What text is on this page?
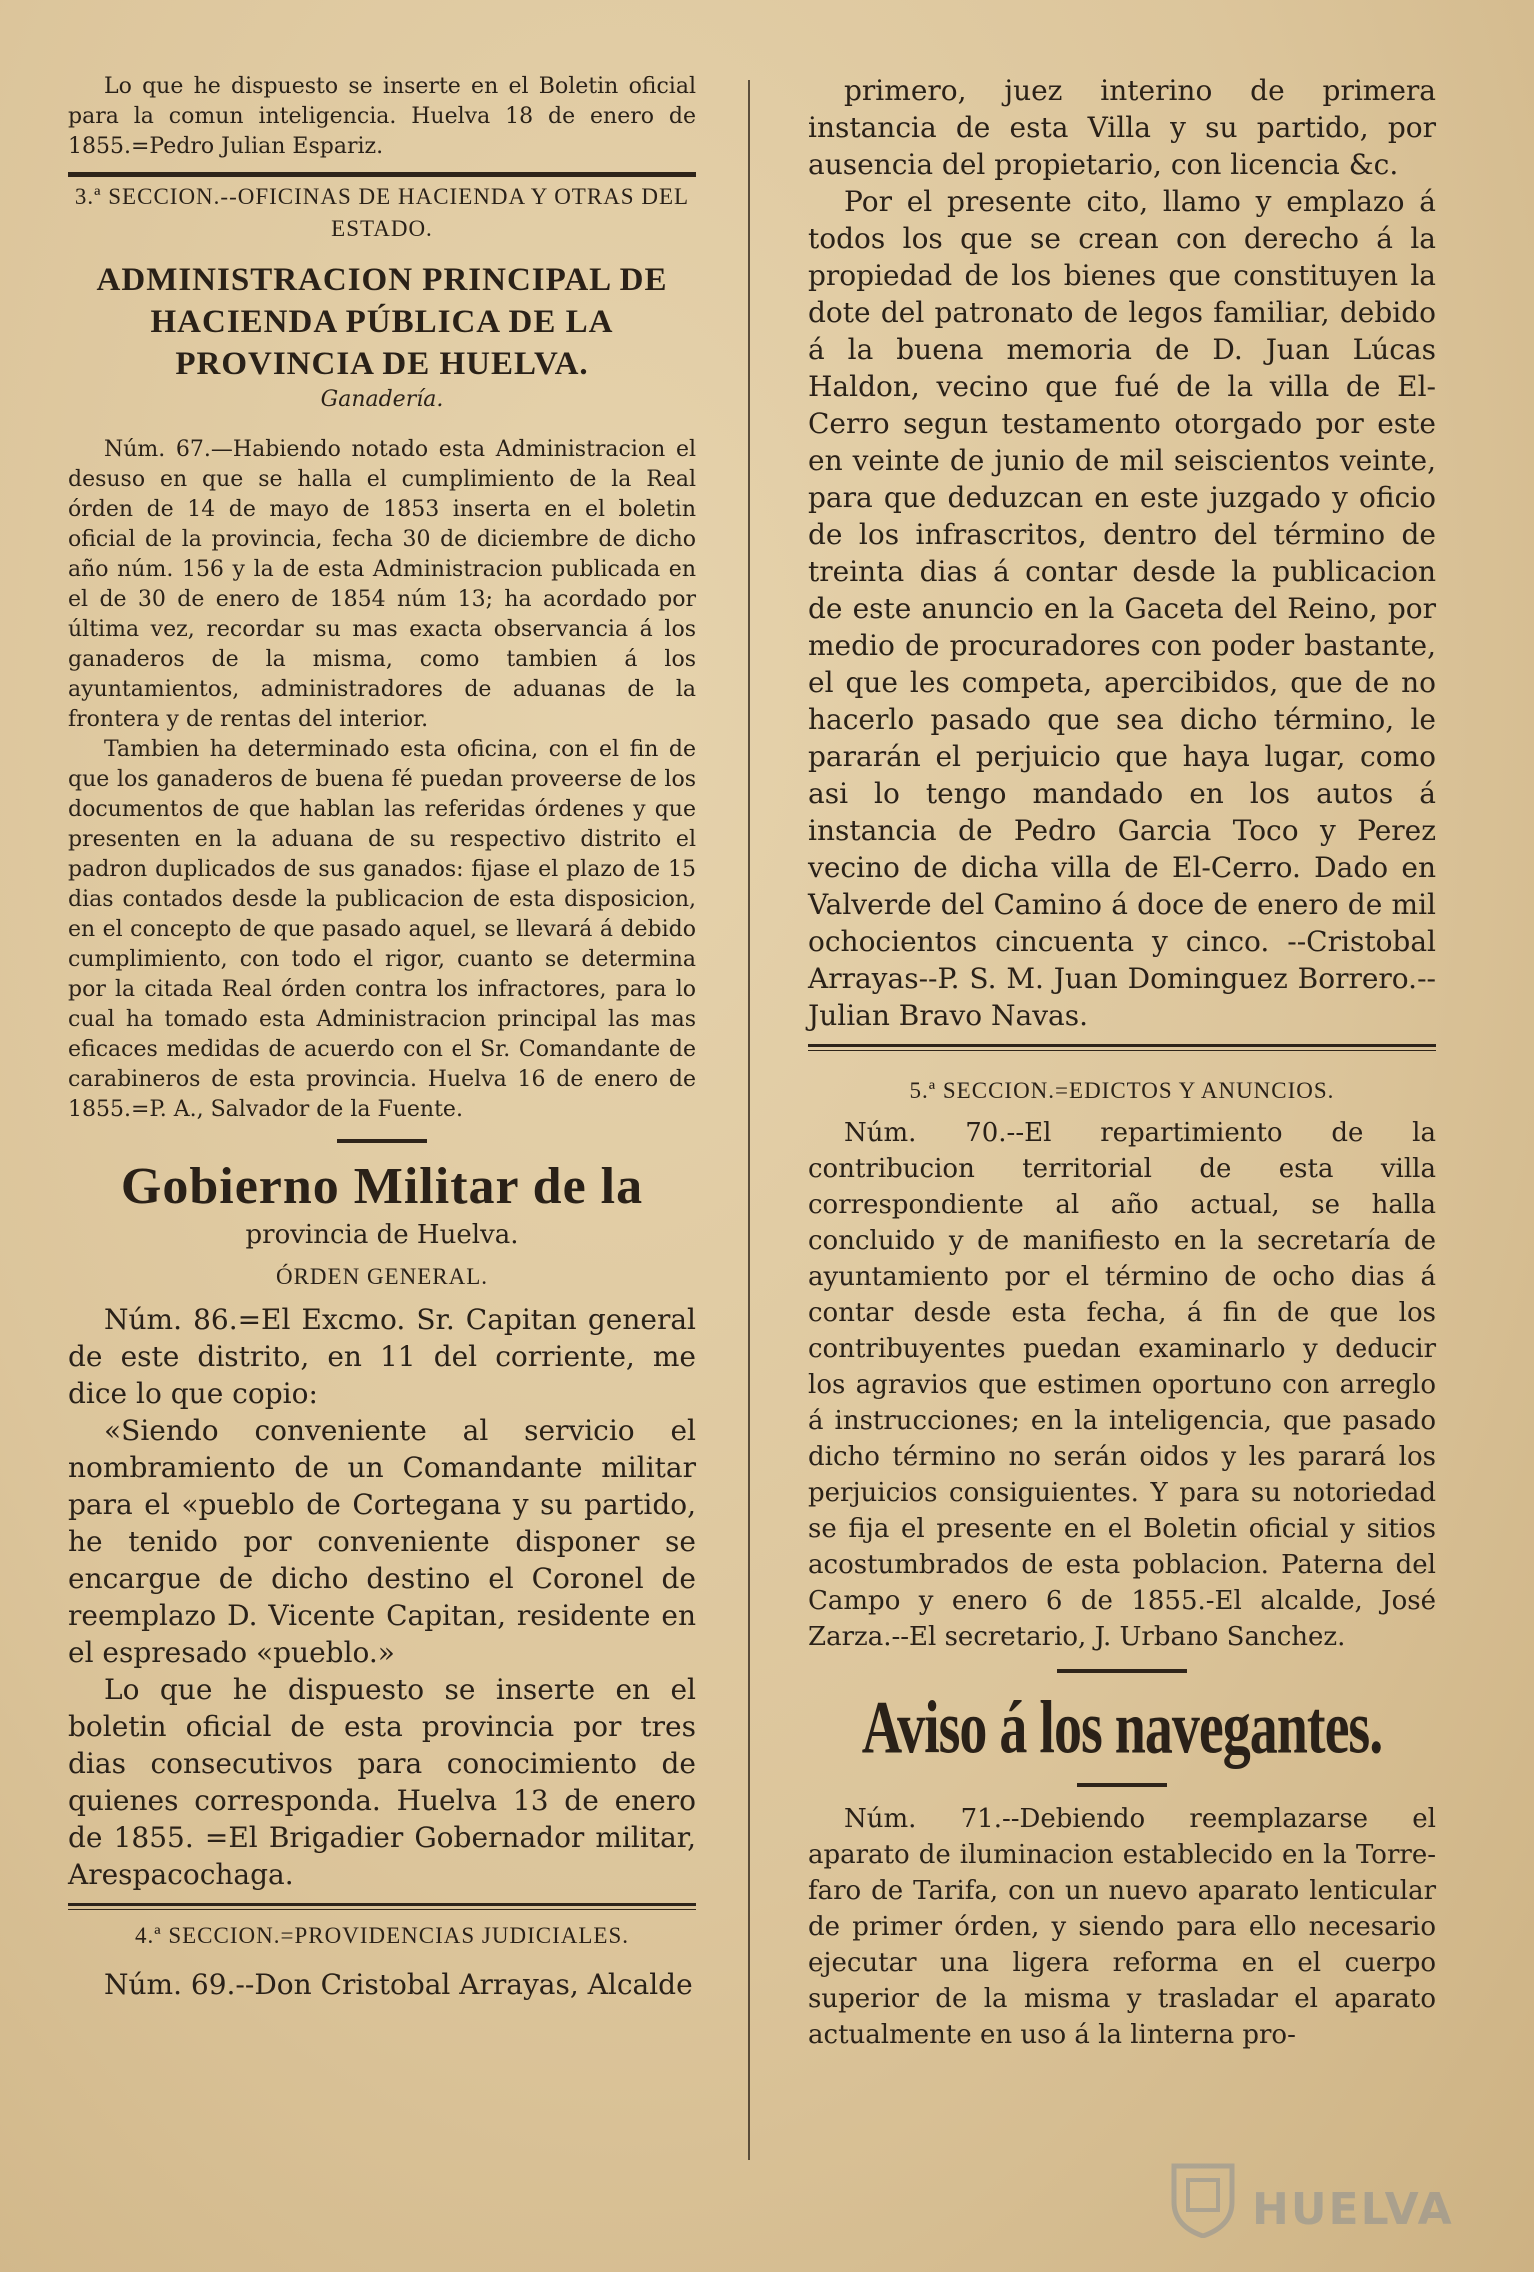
Lo que he dispuesto se inserte en el Boletin oficial para la comun inteligencia. Huelva 18 de enero de 1855.=Pedro Julian Espariz.

3.ª SECCION.--OFICINAS DE HACIENDA Y OTRAS DEL ESTADO.

ADMINISTRACION PRINCIPAL DE HACIENDA PÚBLICA DE LA PROVINCIA DE HUELVA.

Ganadería.

Núm. 67.—Habiendo notado esta Administracion el desuso en que se halla el cumplimiento de la Real órden de 14 de mayo de 1853 inserta en el boletin oficial de la provincia, fecha 30 de diciembre de dicho año núm. 156 y la de esta Administracion publicada en el de 30 de enero de 1854 núm 13; ha acordado por última vez, recordar su mas exacta observancia á los ganaderos de la misma, como tambien á los ayuntamientos, administradores de aduanas de la frontera y de rentas del interior.

Tambien ha determinado esta oficina, con el fin de que los ganaderos de buena fé puedan proveerse de los documentos de que hablan las referidas órdenes y que presenten en la aduana de su respectivo distrito el padron duplicados de sus ganados: fijase el plazo de 15 dias contados desde la publicacion de esta disposicion, en el concepto de que pasado aquel, se llevará á debido cumplimiento, con todo el rigor, cuanto se determina por la citada Real órden contra los infractores, para lo cual ha tomado esta Administracion principal las mas eficaces medidas de acuerdo con el Sr. Comandante de carabineros de esta provincia. Huelva 16 de enero de 1855.=P. A., Salvador de la Fuente.

Gobierno Militar de la

provincia de Huelva.

ÓRDEN GENERAL.

Núm. 86.=El Excmo. Sr. Capitan general de este distrito, en 11 del corriente, me dice lo que copio:

«Siendo conveniente al servicio el nombramiento de un Comandante militar para el «pueblo de Cortegana y su partido, he tenido por conveniente disponer se encargue de dicho destino el Coronel de reemplazo D. Vicente Capitan, residente en el espresado «pueblo.»

Lo que he dispuesto se inserte en el boletin oficial de esta provincia por tres dias consecutivos para conocimiento de quienes corresponda. Huelva 13 de enero de 1855. =El Brigadier Gobernador militar, Arespacochaga.

4.ª SECCION.=PROVIDENCIAS JUDICIALES.

Núm. 69.--Don Cristobal Arrayas, Alcalde

primero, juez interino de primera instancia de esta Villa y su partido, por ausencia del propietario, con licencia &c.

Por el presente cito, llamo y emplazo á todos los que se crean con derecho á la propiedad de los bienes que constituyen la dote del patronato de legos familiar, debido á la buena memoria de D. Juan Lúcas Haldon, vecino que fué de la villa de El-Cerro segun testamento otorgado por este en veinte de junio de mil seiscientos veinte, para que deduzcan en este juzgado y oficio de los infrascritos, dentro del término de treinta dias á contar desde la publicacion de este anuncio en la Gaceta del Reino, por medio de procuradores con poder bastante, el que les competa, apercibidos, que de no hacerlo pasado que sea dicho término, le pararán el perjuicio que haya lugar, como asi lo tengo mandado en los autos á instancia de Pedro Garcia Toco y Perez vecino de dicha villa de El-Cerro. Dado en Valverde del Camino á doce de enero de mil ochocientos cincuenta y cinco. --Cristobal Arrayas--P. S. M. Juan Dominguez Borrero.--Julian Bravo Navas.

5.ª SECCION.=EDICTOS Y ANUNCIOS.

Núm. 70.--El repartimiento de la contribucion territorial de esta villa correspondiente al año actual, se halla concluido y de manifiesto en la secretaría de ayuntamiento por el término de ocho dias á contar desde esta fecha, á fin de que los contribuyentes puedan examinarlo y deducir los agravios que estimen oportuno con arreglo á instrucciones; en la inteligencia, que pasado dicho término no serán oidos y les parará los perjuicios consiguientes. Y para su notoriedad se fija el presente en el Boletin oficial y sitios acostumbrados de esta poblacion. Paterna del Campo y enero 6 de 1855.-El alcalde, José Zarza.--El secretario, J. Urbano Sanchez.

Aviso á los navegantes.

Núm. 71.--Debiendo reemplazarse el aparato de iluminacion establecido en la Torre-faro de Tarifa, con un nuevo aparato lenticular de primer órden, y siendo para ello necesario ejecutar una ligera reforma en el cuerpo superior de la misma y trasladar el aparato actualmente en uso á la linterna pro-

HUELVA
